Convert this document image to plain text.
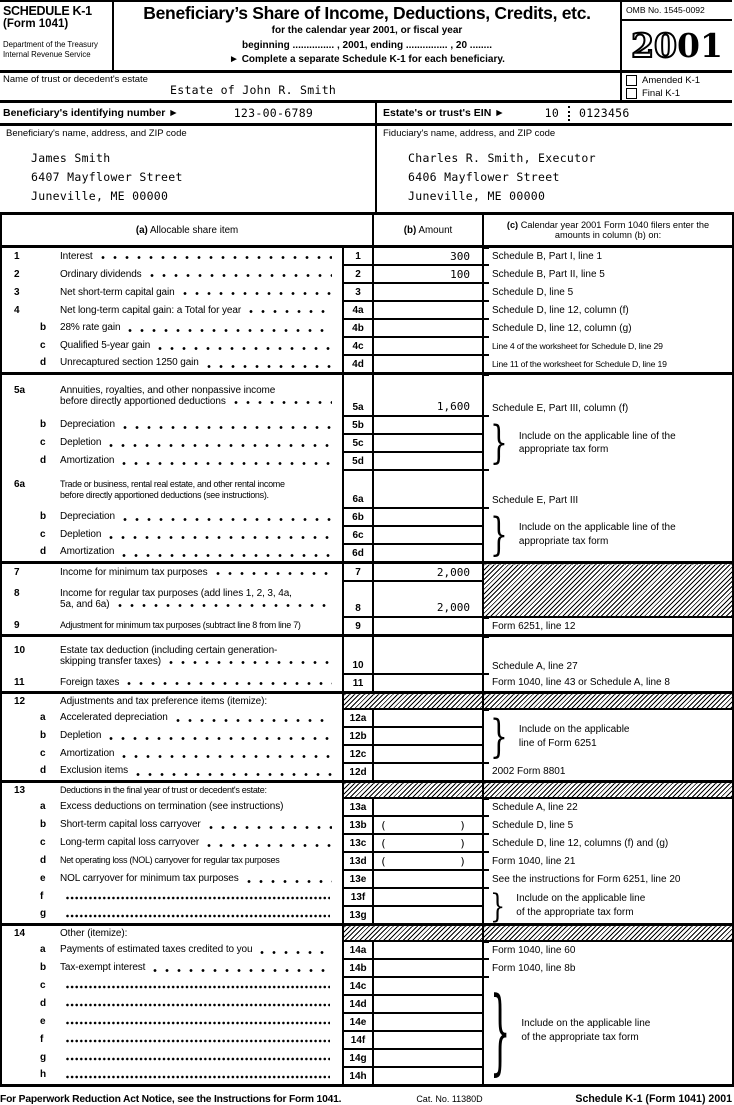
SCHEDULE K-1
(Form 1041)
Department of the Treasury
Internal Revenue Service
Beneficiary’s Share of Income, Deductions, Credits, etc.
for the calendar year 2001, or fiscal year
beginning ............... , 2001, ending ............... , 20 ........
► Complete a separate Schedule K-1 for each beneficiary.
OMB No. 1545-0092
20 01
Name of trust or decedent's estate
Estate of John R. Smith
Amended K-1
Final K-1
Beneficiary's identifying number ►	123-00-6789	Estate's or trust's EIN ►	10 0123456
Beneficiary's name, address, and ZIP code
James Smith
6407 Mayflower Street
Juneville, ME 00000
Fiduciary's name, address, and ZIP code
Charles R. Smith, Executor
6406 Mayflower Street
Juneville, ME 00000
(a) Allocable share item		(b) Amount	(c) Calendar year 2001 Form 1040 filers enter the amounts in column (b) on:

1 Interest	1	300	Schedule B, Part I, line 1

2 Ordinary dividends	2	100	Schedule B, Part II, line 5

3 Net short-term capital gain	3		Schedule D, line 5

4 Net long-term capital gain: a Total for year	4a		Schedule D, line 12, column (f)

b 28% rate gain	4b		Schedule D, line 12, column (g)

c Qualified 5-year gain	4c		Line 4 of the worksheet for Schedule D, line 29

d Unrecaptured section 1250 gain	4d		Line 11 of the worksheet for Schedule D, line 19

5a Annuities, royalties, and other nonpassive income
before directly apportioned deductions	5a	1,600	Schedule E, Part III, column (f)

b	Depreciation	5b		} Include on the applicable line of the
appropriate tax form

c Depletion	5c		

d Amortization	5d		

6a Trade or business, rental real estate, and other rental income
before directly apportioned deductions (see instructions).	6a		Schedule E, Part III

b	Depreciation	6b		} Include on the applicable line of the
appropriate tax form

c Depletion	6c		

d Amortization	6d		

7 Income for minimum tax purposes	7	2,000	

8 Income for regular tax purposes (add lines 1, 2, 3, 4a,
5a, and 6a)	8	2,000	

9 Adjustment for minimum tax purposes (subtract line 8 from line 7)	9		Form 6251, line 12

10 Estate tax deduction (including certain generation-
skipping transfer taxes)	10		Schedule A, line 27

11 Foreign taxes	11		Form 1040, line 43 or Schedule A, line 8

12 Adjustments and tax preference items (itemize):			

a	Accelerated depreciation	12a		} Include on the applicable
line of Form 6251

b Depletion	12b		

c Amortization	12c		

d Exclusion items	12d		2002 Form 8801

13 Deductions in the final year of trust or decedent's estate:			

a Excess deductions on termination (see instructions)	13a		Schedule A, line 22

b Short-term capital loss carryover	13b	( )	Schedule D, line 5

c Long-term capital loss carryover	13c	( )	Schedule D, line 12, columns (f) and (g)

d Net operating loss (NOL) carryover for regular tax purposes	13d	( )	Form 1040, line 21

e NOL carryover for minimum tax purposes	13e		See the instructions for Form 6251, line 20

f	13f		} Include on the applicable line
of the appropriate tax form

g	13g		

14 Other (itemize):			

a Payments of estimated taxes credited to you	14a		Form 1040, line 60

b Tax-exempt interest	14b		Form 1040, line 8b

c	14c		} Include on the applicable line
of the appropriate tax form

d	14d		

e	14e		

f	14f		

g	14g		

h	14h		
For Paperwork Reduction Act Notice, see the Instructions for Form 1041.	Cat. No. 11380D	Schedule K-1 (Form 1041) 2001
